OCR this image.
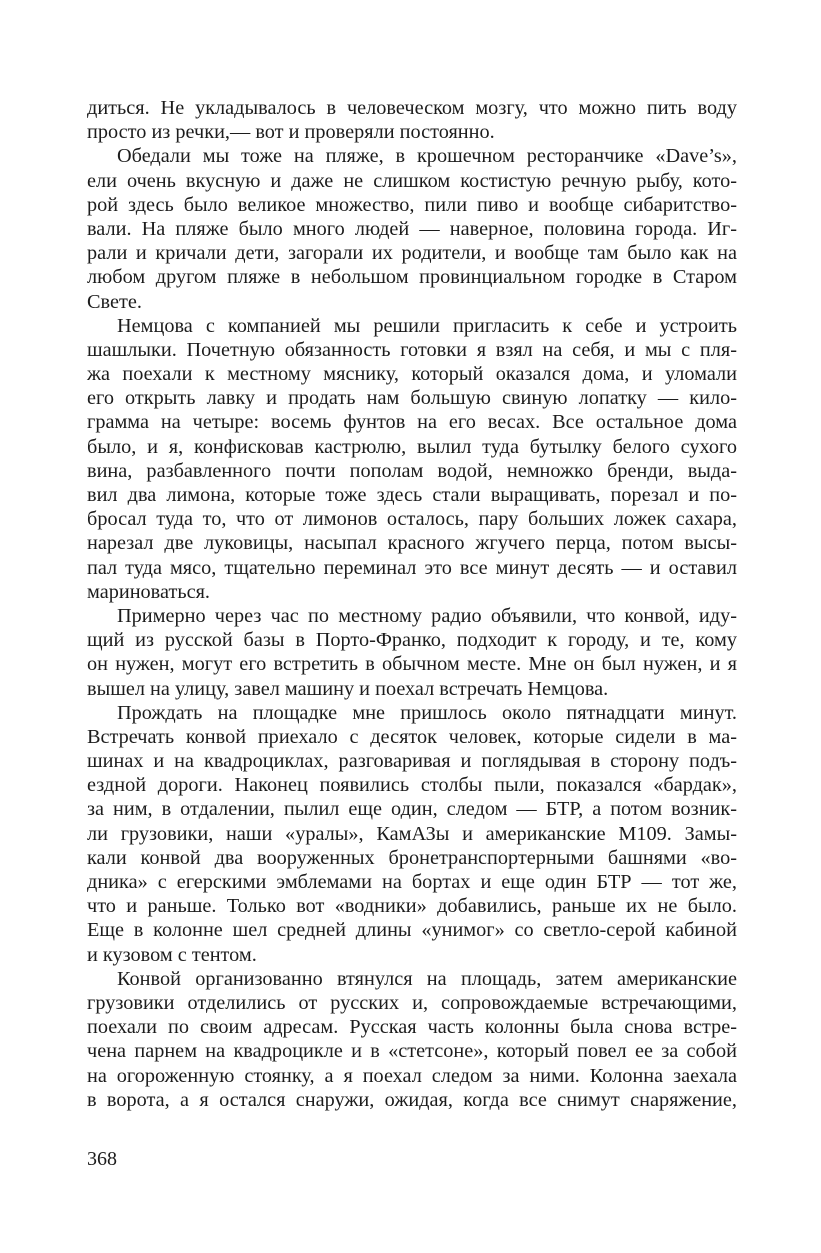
диться. Не укладывалось в человеческом мозгу, что можно пить воду
просто из речки,— вот и проверяли постоянно.
Обедали мы тоже на пляже, в крошечном ресторанчике «Dave’s»,
ели очень вкусную и даже не слишком костистую речную рыбу, кото-
рой здесь было великое множество, пили пиво и вообще сибаритство-
вали. На пляже было много людей — наверное, половина города. Иг-
рали и кричали дети, загорали их родители, и вообще там было как на
любом другом пляже в небольшом провинциальном городке в Старом
Свете.
Немцова с компанией мы решили пригласить к себе и устроить
шашлыки. Почетную обязанность готовки я взял на себя, и мы с пля-
жа поехали к местному мяснику, который оказался дома, и уломали
его открыть лавку и продать нам большую свиную лопатку — кило-
грамма на четыре: восемь фунтов на его весах. Все остальное дома
было, и я, конфисковав кастрюлю, вылил туда бутылку белого сухого
вина, разбавленного почти пополам водой, немножко бренди, выда-
вил два лимона, которые тоже здесь стали выращивать, порезал и по-
бросал туда то, что от лимонов осталось, пару больших ложек сахара,
нарезал две луковицы, насыпал красного жгучего перца, потом высы-
пал туда мясо, тщательно переминал это все минут десять — и оставил
мариноваться.
Примерно через час по местному радио объявили, что конвой, иду-
щий из русской базы в Порто-Франко, подходит к городу, и те, кому
он нужен, могут его встретить в обычном месте. Мне он был нужен, и я
вышел на улицу, завел машину и поехал встречать Немцова.
Прождать на площадке мне пришлось около пятнадцати минут.
Встречать конвой приехало с десяток человек, которые сидели в ма-
шинах и на квадроциклах, разговаривая и поглядывая в сторону подъ-
ездной дороги. Наконец появились столбы пыли, показался «бардак»,
за ним, в отдалении, пылил еще один, следом — БТР, а потом возник-
ли грузовики, наши «уралы», КамАЗы и американские М109. Замы-
кали конвой два вооруженных бронетранспортерными башнями «во-
дника» с егерскими эмблемами на бортах и еще один БТР — тот же,
что и раньше. Только вот «водники» добавились, раньше их не было.
Еще в колонне шел средней длины «унимог» со светло-серой кабиной
и кузовом с тентом.
Конвой организованно втянулся на площадь, затем американские
грузовики отделились от русских и, сопровождаемые встречающими,
поехали по своим адресам. Русская часть колонны была снова встре-
чена парнем на квадроцикле и в «стетсоне», который повел ее за собой
на огороженную стоянку, а я поехал следом за ними. Колонна заехала
в ворота, а я остался снаружи, ожидая, когда все снимут снаряжение,
368
